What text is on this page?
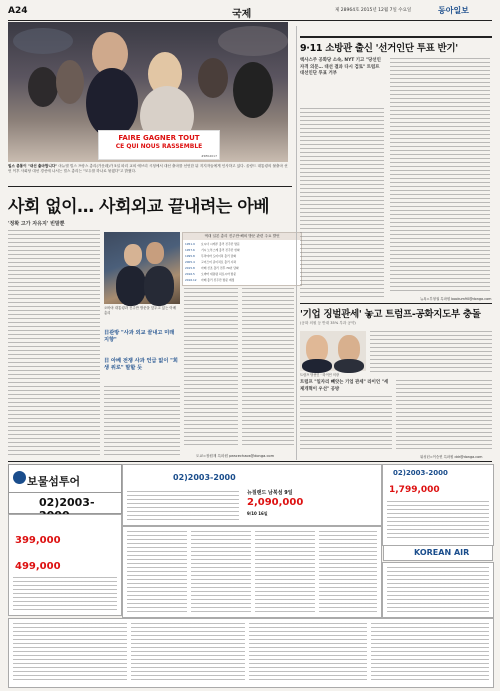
A24	국제	제 28964호 2015년 12월 7일 수요일	동아일보
FAIRE GAGNER TOUT
CE QUI NOUS RASSEMBLE
#RFA2017
빌스 총통이 "대선 출마합니다" 마뉴엘 빌스 프랑스 총리(가운데)가 5일 파리 교외 에브리 시청에서 대선 출마를 선언한 뒤 지지자들에게 인사하고 있다. 올랑드 대통령의 불출마 선언 이후 사회당 대선 경선에 나서는 빌스 총리는 "모두를 하나로 묶겠다"고 밝혔다.
사회 없이… 사회외교 끝내려는 아베
'정확 고가 자유지' 빈말뿐
오바마 대통령과 진주만 방문을 앞두고 있는 아베 총리
日관방 "사과 외교 끝내고 미래 지향"
日 아베 전쟁 사과 언급 없이 "희생 위로" 말할 듯
역대 일본 총리 진주만·해외 방문 관련 주요 발언
1951.9 요시다 시게루 총리 진주만 방문
1957.6 기시 노부스케 총리 진주만 헌화
1995.8 무라야마 도미이치 총리 담화
2005.4 고이즈미 준이치로 총리 사과
2015.8 아베 신조 총리 전후 70년 담화
2016.5 오바마 대통령 히로시마 방문
2016.12 아베 총리 진주만 방문 예정
도쿄=장원재 특파원 peacechaos@donga.com
9·11 소방관 출신 '선거인단 투표 반기'
텍사스주 공화당 소속, NYT 기고 "당선인 자격 의문… 대선 결과 다시 검토" 트럼프 대선인단 투표 거부
뉴욕=부형권 특파원 bookum90@donga.com
'기업 징벌관세' 놓고 트럼프-공화지도부 충돌
(공화 의원 등 반대 35% 부과 공약)
트럼프 당선인 · 라이언 의장
트럼프 "일자리 빼앗는 기업 관세" 라이언 "세제개혁이 우선" 공방
워싱턴=이승헌 특파원 ddr@donga.com
보물섬투어
02)2003-
02)2003-2000
뉴질랜드 남북섬 9일
2,090,000
9/10 16일
02)2003-2000
1,799,000
KOREAN AIR
399,000
499,000
